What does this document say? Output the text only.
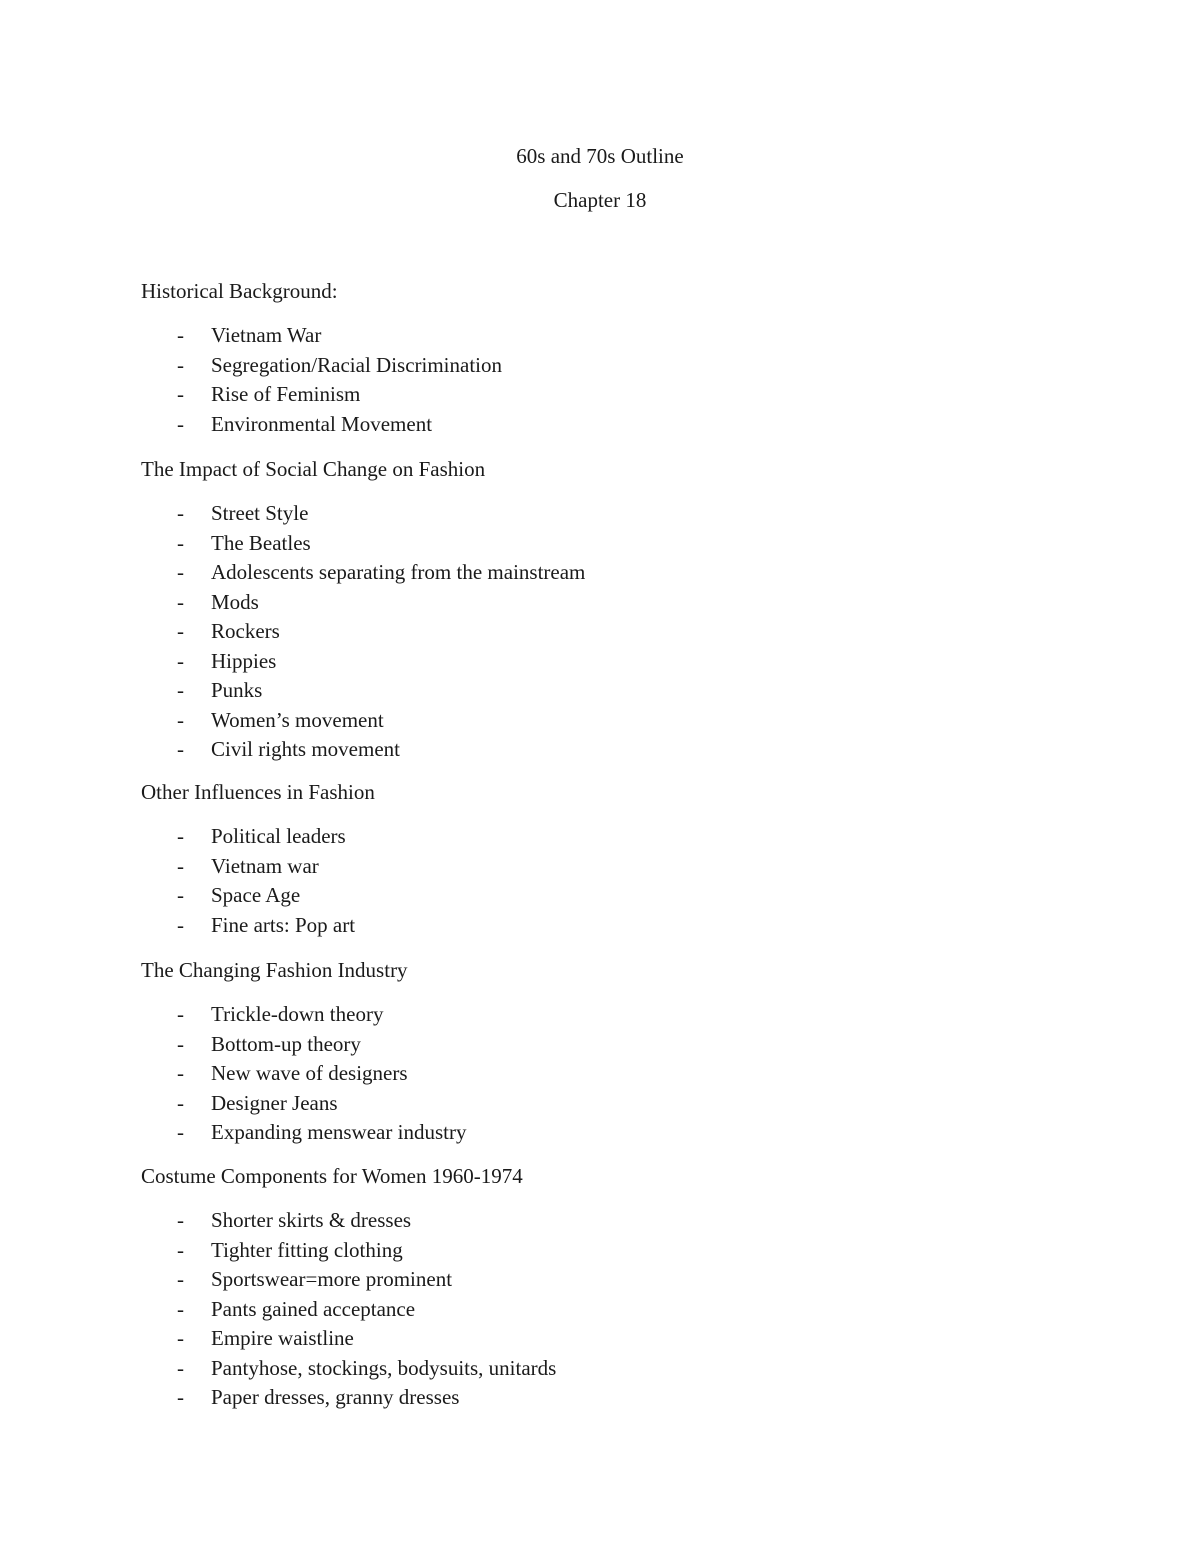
60s and 70s Outline
Chapter 18
Historical Background:
- Vietnam War
- Segregation/Racial Discrimination
- Rise of Feminism
- Environmental Movement
The Impact of Social Change on Fashion
- Street Style
- The Beatles
- Adolescents separating from the mainstream
- Mods
- Rockers
- Hippies
- Punks
- Women’s movement
- Civil rights movement
Other Influences in Fashion
- Political leaders
- Vietnam war
- Space Age
- Fine arts: Pop art
The Changing Fashion Industry
- Trickle-down theory
- Bottom-up theory
- New wave of designers
- Designer Jeans
- Expanding menswear industry
Costume Components for Women 1960-1974
- Shorter skirts & dresses
- Tighter fitting clothing
- Sportswear=more prominent
- Pants gained acceptance
- Empire waistline
- Pantyhose, stockings, bodysuits, unitards
- Paper dresses, granny dresses
